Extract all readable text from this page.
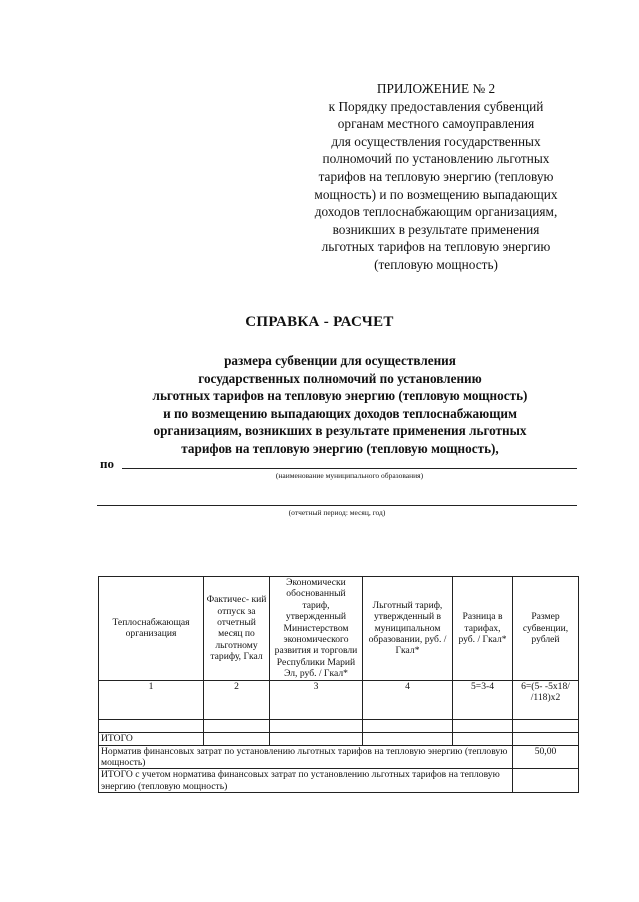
ПРИЛОЖЕНИЕ № 2
к Порядку предоставления субвенций
органам местного самоуправления
для осуществления государственных
полномочий по установлению льготных
тарифов на тепловую энергию (тепловую
мощность) и по возмещению выпадающих
доходов теплоснабжающим организациям,
возникших в результате применения
льготных тарифов на тепловую энергию
(тепловую мощность)
СПРАВКА - РАСЧЕТ
размера субвенции для осуществления
государственных полномочий по установлению
льготных тарифов на тепловую энергию (тепловую мощность)
и по возмещению выпадающих доходов теплоснабжающим
организациям, возникших в результате применения льготных
тарифов на тепловую энергию (тепловую мощность),
по
(наименование муниципального образования)
(отчетный период: месяц, год)
Теплоснабжающая организация	Фактичес- кий отпуск за отчетный месяц по льготному тарифу, Гкал	Экономически обоснованный тариф, утвержденный Министерством экономического развития и торговли Республики Марий Эл, руб. / Гкал*	Льготный тариф, утвержденный в муниципальном образовании, руб. / Гкал*	Разница в тарифах, руб. / Гкал*	Размер субвенции, рублей
1	2	3	4	5=3-4	6=(5- -5x18/ /118)x2

ИТОГО					
Норматив финансовых затрат по установлению льготных тарифов на тепловую энергию (тепловую мощность)					50,00
ИТОГО с учетом норматива финансовых затрат по установлению льготных тарифов на тепловую энергию (тепловую мощность)					
